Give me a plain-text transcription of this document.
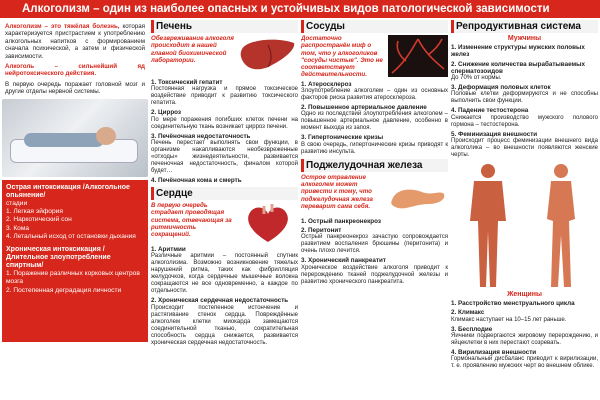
Алкоголизм – один из наиболее опасных и устойчивых видов патологической зависимости
Алкоголизм – это тяжёлая болезнь, которая характеризуется пристрастием к употреблению алкогольных напитков с формированием сначала психической, а затем и физической зависимости.
Алкоголь – сильнейший яд нейротоксического действия.
В первую очередь поражает головной мозг и другие отделы нервной системы.
Острая интоксикация /Алкогольное опьянение/
стадии
1. Легкая эйфория
2. Наркотический сон
3. Кома
4. Летальный исход от остановки дыхания
Хроническая интоксикация /Длительное злоупотребление спиртным/
1. Поражение различных корковых центров мозга
2. Постепенная деградация личности
Печень
Обезвреживание алкоголя происходит в нашей главной биохимической лаборатории.
1. Токсический гепатит
Постоянная нагрузка и прямое токсическое воздействие приводит к развитию токсического гепатита.
2. Цирроз
По мере поражения погибших клеток печени на соединительную ткань возникает цирроз печени.
3. Печёночная недостаточность
Печень перестает выполнять свои функции, в организме накапливаются необезвреженные «отходы» жизнедеятельности, развивается печеночная недостаточность, финалом которой будет…
4. Печёночная кома и смерть
Сердце
В первую очередь страдает проводящая система, отвечающая за ритмичность сокращений.
1. Аритмии
Различные аритмии – постоянный спутник алкоголизма. Возможно возникновение тяжелых нарушений ритма, таких как фибрилляция желудочков, когда сердечные мышечные волокна сокращаются не все одновременно, а каждое по отдельности.
2. Хроническая сердечная недостаточность
Происходит постепенное истончение и растягивание стенок сердца. Повреждённые алкоголем клетки миокарда замещаются соединительной тканью, сократительная способность сердца снижается, развивается хроническая сердечная недостаточность.
Сосуды
Достаточно распространён миф о том, что у алкоголиков "сосуды чистые". Это не соответствует действительности.
1. Атеросклероз
Злоупотребление алкоголем – один из основных факторов риска развития атеросклероза.
2. Повышенное артериальное давление
Одно из последствий злоупотребления алкоголем – повышенное артериальное давление, особенно в момент выхода из запоя.
3. Гипертонические кризы
В свою очередь, гипертонические кризы приводят к развитию инсульта.
Поджелудочная железа
Острое отравление алкоголем может привести к тому, что поджелудочная железа переварит сама себя.
1. Острый панкреонекроз
2. Перитонит
Острый панкреонекроз зачастую сопровождается развитием воспаления брюшины (перитонита) и очень плохо лечится.
3. Хронический панкреатит
Хроническое воздействие алкоголя приводит к перерождению тканей поджелудочной железы и развитию хронического панкреатита.
Репродуктивная система
Мужчины
1. Изменение структуры мужских половых желез
2. Снижение количества вырабатываемых сперматозоидов
До 70% от нормы.
3. Деформация половых клеток
Половые клетки деформируются и не способны выполнить свои функции.
4. Падение тестостерона
Снижается производство мужского полового гормона – тестостерона.
5. Феминизация внешности
Происходит процесс феминизации внешнего вида алкоголика – во внешности появляются женские черты.
Женщины
1. Расстройство менструального цикла
2. Климакс
Климакс наступает на 10–15 лет раньше.
3. Бесплодие
Яичники подвергаются жировому перерождению, и яйцеклетки в них перестают созревать.
4. Вирилизация внешности
Гормональный дисбаланс приводит к вирилизации, т. е. проявлению мужских черт во внешнем облике.
